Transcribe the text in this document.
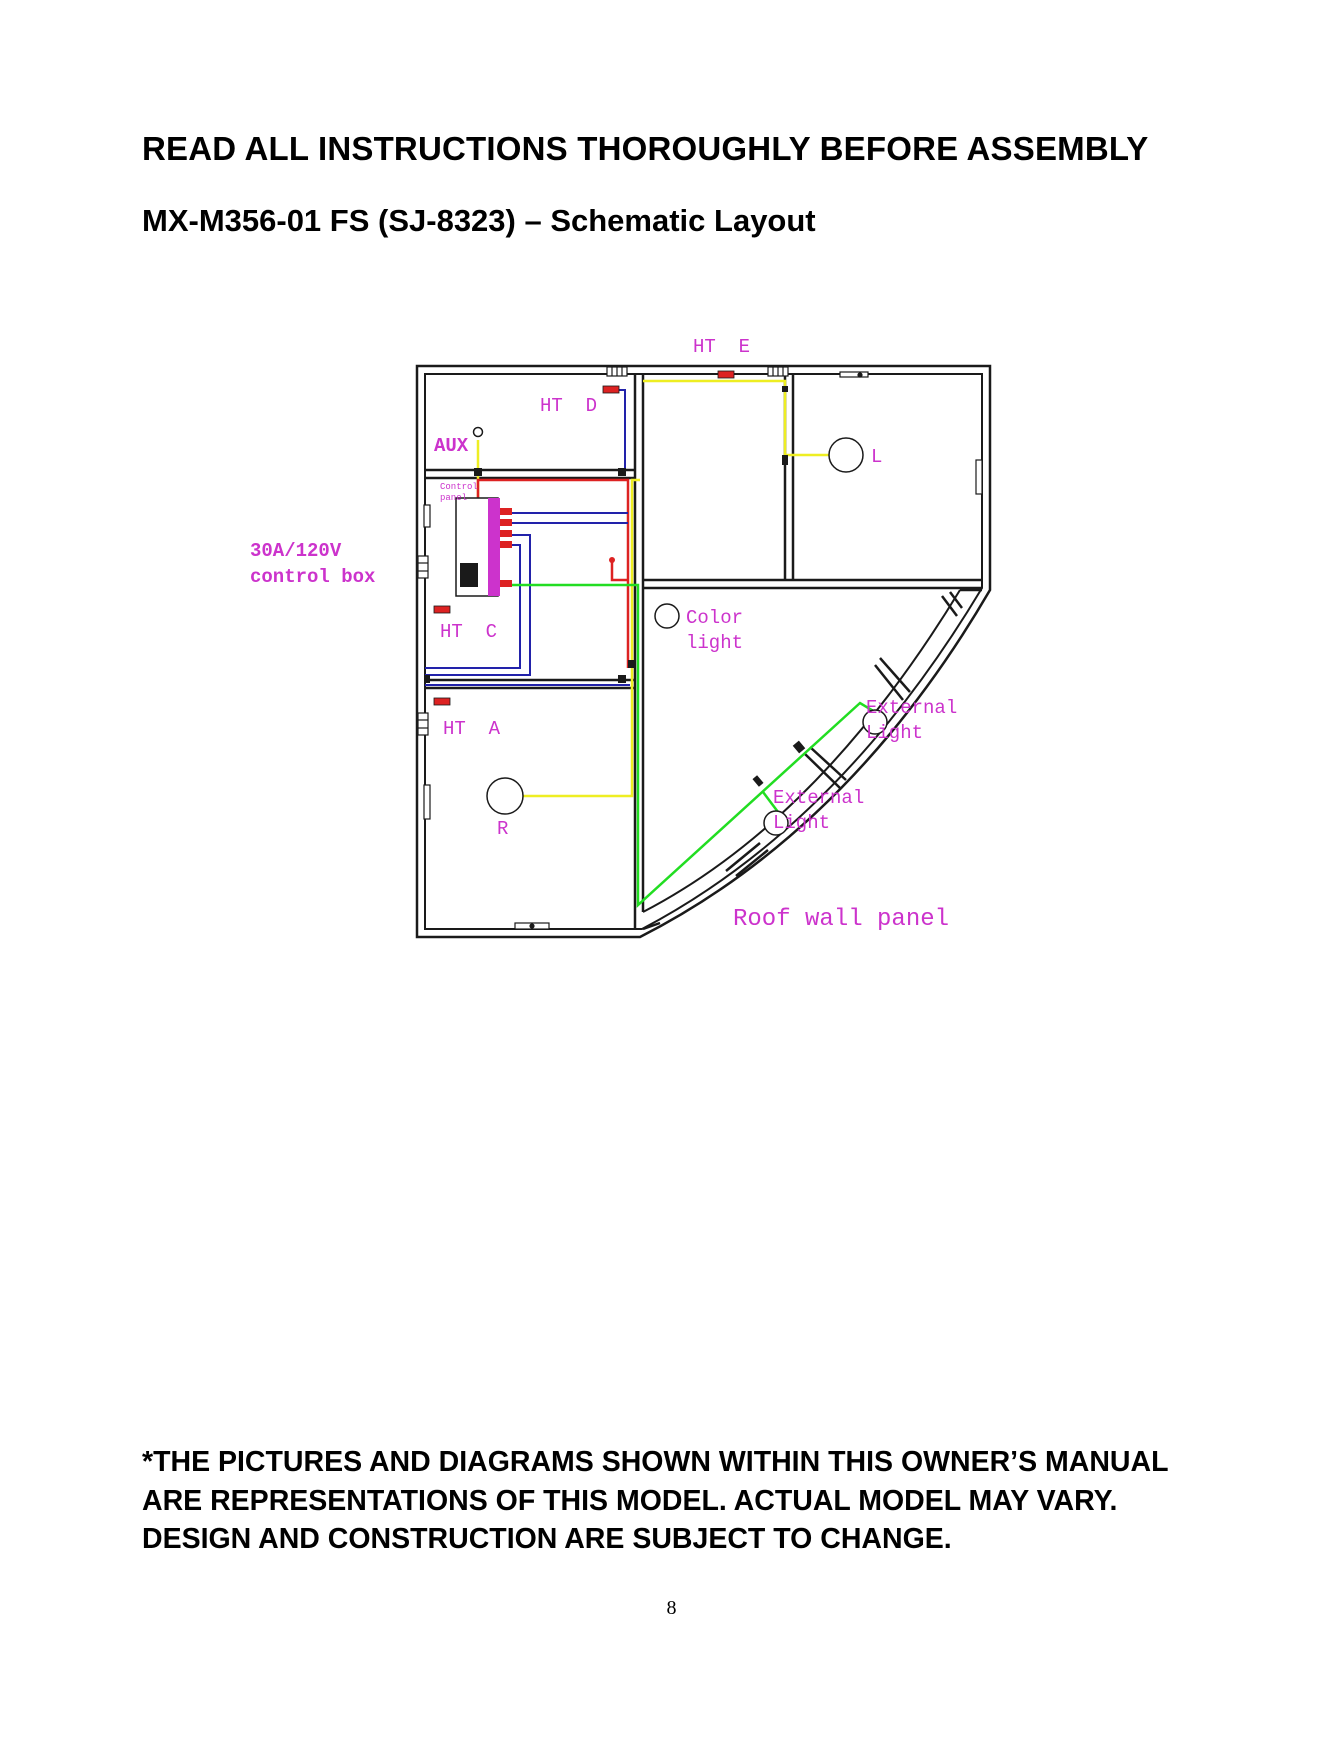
READ ALL INSTRUCTIONS THOROUGHLY BEFORE ASSEMBLY
MX-M356-01 FS (SJ-8323) – Schematic Layout
HT  E
HT  D
AUX
Control
panel
30A/120V
control box
HT  C
HT  A
L
R
Color
light
External
Light
External
Light
Roof wall panel

*THE PICTURES AND DIAGRAMS SHOWN WITHIN THIS OWNER’S MANUAL ARE REPRESENTATIONS OF THIS MODEL. ACTUAL MODEL MAY VARY. DESIGN AND CONSTRUCTION ARE SUBJECT TO CHANGE.

8
